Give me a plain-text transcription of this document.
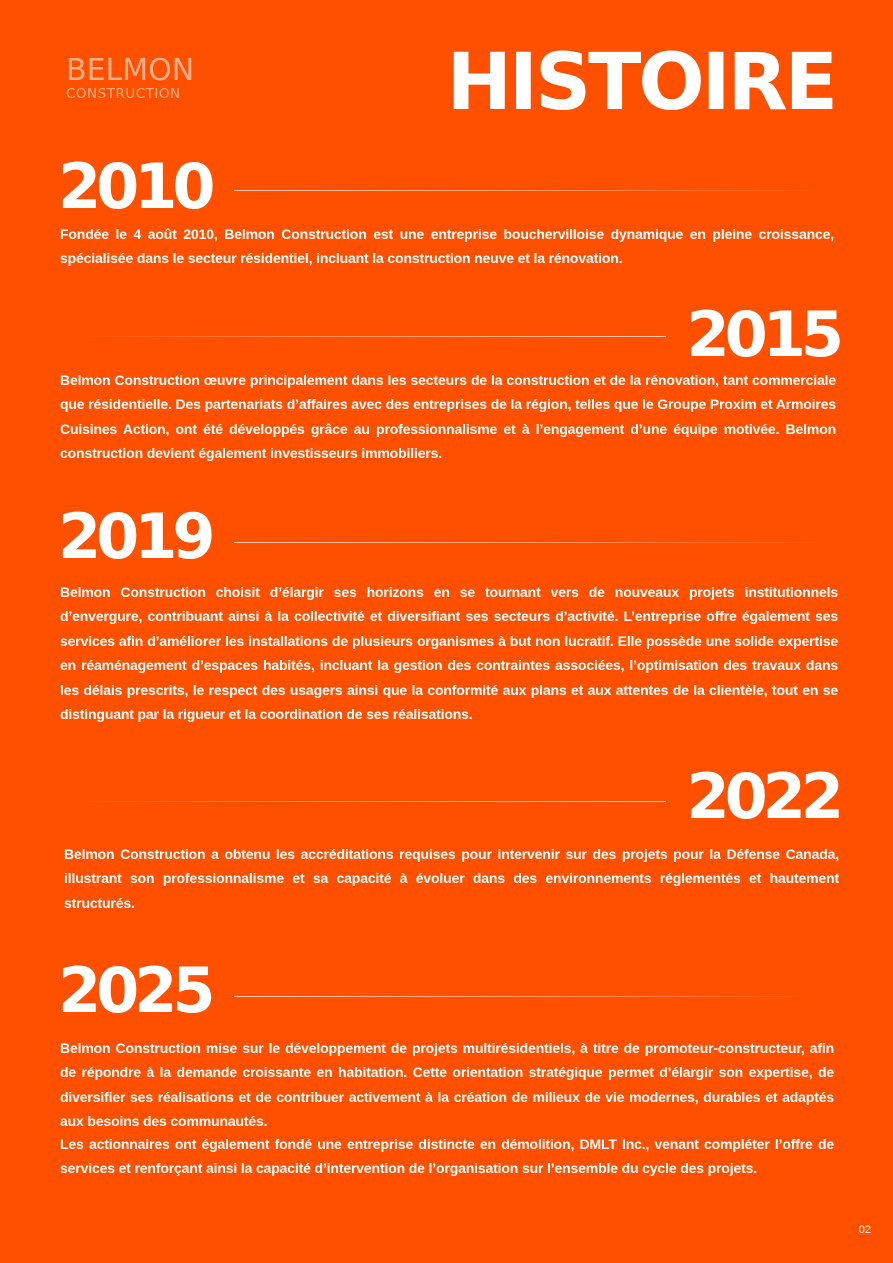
BELMON
CONSTRUCTION	HISTOIRE
2010

Fondée le 4 août 2010, Belmon Construction est une entreprise bouchervilloise dynamique en pleine croissance, spécialisée dans le secteur résidentiel, incluant la construction neuve et la rénovation.

2015

Belmon Construction œuvre principalement dans les secteurs de la construction et de la rénovation, tant commerciale que résidentielle. Des partenariats d’affaires avec des entreprises de la région, telles que le Groupe Proxim et Armoires Cuisines Action, ont été développés grâce au professionnalisme et à l’engagement d’une équipe motivée. Belmon construction devient également investisseurs immobiliers.

2019

Belmon Construction choisit d’élargir ses horizons en se tournant vers de nouveaux projets institutionnels d’envergure, contribuant ainsi à la collectivité et diversifiant ses secteurs d’activité. L’entreprise offre également ses services afin d’améliorer les installations de plusieurs organismes à but non lucratif. Elle possède une solide expertise en réaménagement d’espaces habités, incluant la gestion des contraintes associées, l’optimisation des travaux dans les délais prescrits, le respect des usagers ainsi que la conformité aux plans et aux attentes de la clientèle, tout en se distinguant par la rigueur et la coordination de ses réalisations.

2022

Belmon Construction a obtenu les accréditations requises pour intervenir sur des projets pour la Défense Canada, illustrant son professionnalisme et sa capacité à évoluer dans des environnements réglementés et hautement structurés.

2025

Belmon Construction mise sur le développement de projets multirésidentiels, à titre de promoteur-constructeur, afin de répondre à la demande croissante en habitation. Cette orientation stratégique permet d’élargir son expertise, de diversifier ses réalisations et de contribuer activement à la création de milieux de vie modernes, durables et adaptés aux besoins des communautés.

Les actionnaires ont également fondé une entreprise distincte en démolition, DMLT Inc., venant compléter l’offre de services et renforçant ainsi la capacité d’intervention de l’organisation sur l’ensemble du cycle des projets.

02
